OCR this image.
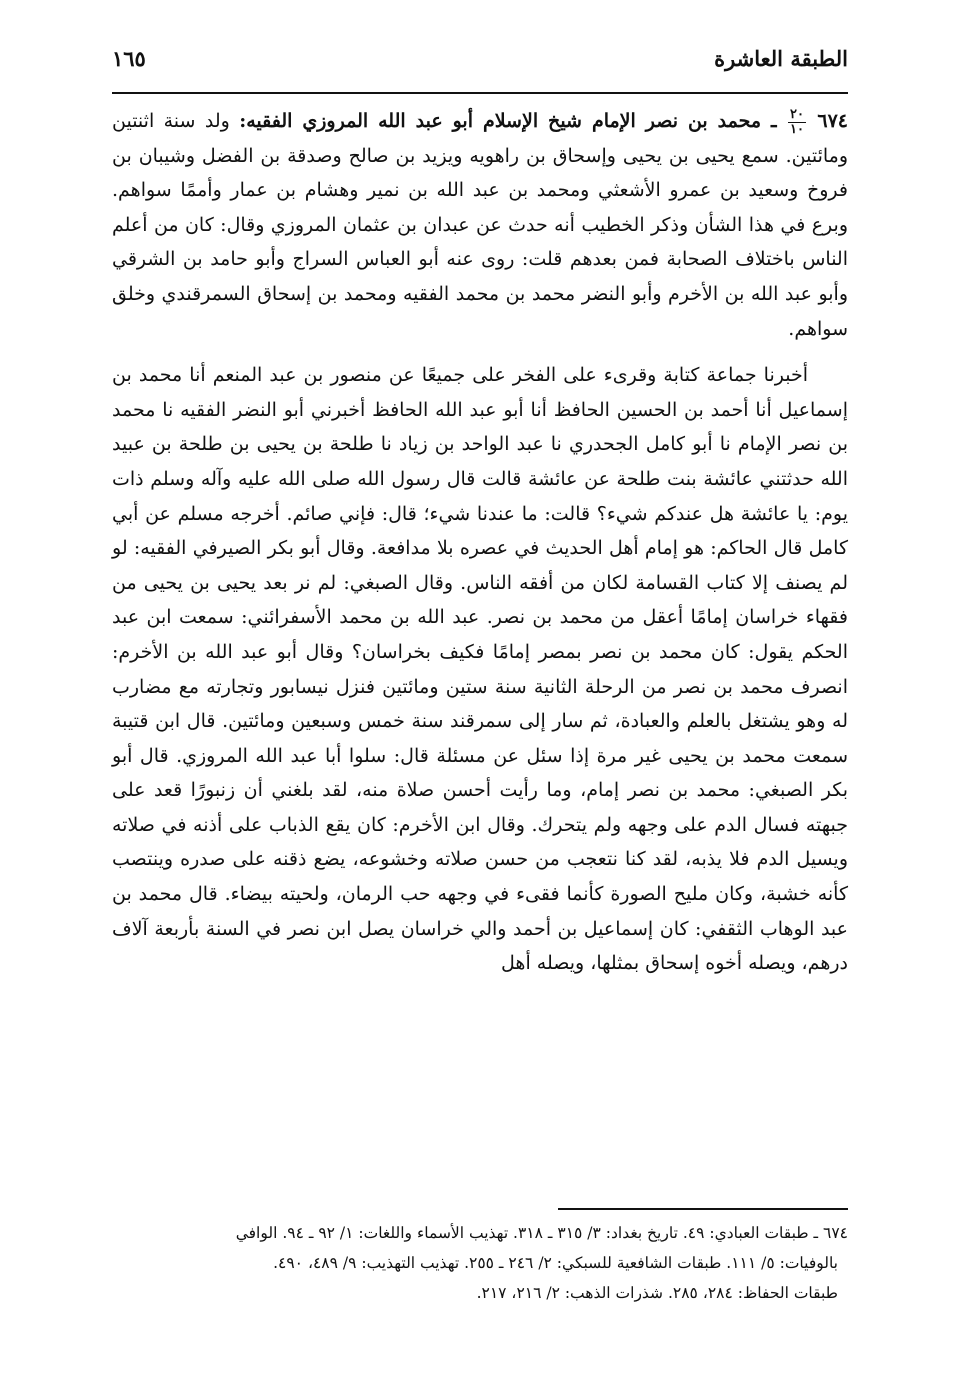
الطبقة العاشرة
١٦٥

٦٧٤
$\frac{٢٠}{١٠}$
ـ محمد بن نصر الإمام شيخ الإسلام أبو عبد الله المروزي الفقيه: ولد سنة اثنتين ومائتين. سمع يحيى بن يحيى وإسحاق بن راهويه ويزيد بن صالح وصدقة بن الفضل وشيبان بن فروخ وسعيد بن عمرو الأشعثي ومحمد بن عبد الله بن نمير وهشام بن عمار وأممًا سواهم. وبرع في هذا الشأن وذكر الخطيب أنه حدث عن عبدان بن عثمان المروزي وقال: كان من أعلم الناس باختلاف الصحابة فمن بعدهم قلت: روى عنه أبو العباس السراج وأبو حامد بن الشرقي وأبو عبد الله بن الأخرم وأبو النضر محمد بن محمد الفقيه ومحمد بن إسحاق السمرقندي وخلق سواهم.

أخبرنا جماعة كتابة وقرىء على الفخر على جميعًا عن منصور بن عبد المنعم أنا محمد بن إسماعيل أنا أحمد بن الحسين الحافظ أنا أبو عبد الله الحافظ أخبرني أبو النضر الفقيه نا محمد بن نصر الإمام نا أبو كامل الجحدري نا عبد الواحد بن زياد نا طلحة بن يحيى بن طلحة بن عبيد الله حدثتني عائشة بنت طلحة عن عائشة قالت قال رسول الله صلى الله عليه وآله وسلم ذات يوم: يا عائشة هل عندكم شيء؟ قالت: ما عندنا شيء؛ قال: فإني صائم. أخرجه مسلم عن أبي كامل قال الحاكم: هو إمام أهل الحديث في عصره بلا مدافعة. وقال أبو بكر الصيرفي الفقيه: لو لم يصنف إلا كتاب القسامة لكان من أفقه الناس. وقال الصبغي: لم نر بعد يحيى بن يحيى من فقهاء خراسان إمامًا أعقل من محمد بن نصر. عبد الله بن محمد الأسفرائني: سمعت ابن عبد الحكم يقول: كان محمد بن نصر بمصر إمامًا فكيف بخراسان؟ وقال أبو عبد الله بن الأخرم: انصرف محمد بن نصر من الرحلة الثانية سنة ستين ومائتين فنزل نيسابور وتجارته مع مضارب له وهو يشتغل بالعلم والعبادة، ثم سار إلى سمرقند سنة خمس وسبعين ومائتين. قال ابن قتيبة سمعت محمد بن يحيى غير مرة إذا سئل عن مسئلة قال: سلوا أبا عبد الله المروزي. قال أبو بكر الصبغي: محمد بن نصر إمام، وما رأيت أحسن صلاة منه، لقد بلغني أن زنبورًا قعد على جبهته فسال الدم على وجهه ولم يتحرك. وقال ابن الأخرم: كان يقع الذباب على أذنه في صلاته ويسيل الدم فلا يذبه، لقد كنا نتعجب من حسن صلاته وخشوعه، يضع ذقنه على صدره وينتصب كأنه خشبة، وكان مليح الصورة كأنما فقىء في وجهه حب الرمان، ولحيته بيضاء. قال محمد بن عبد الوهاب الثقفي: كان إسماعيل بن أحمد والي خراسان يصل ابن نصر في السنة بأربعة آلاف درهم، ويصله أخوه إسحاق بمثلها، ويصله أهل

٦٧٤ ـ طبقات العبادي: ٤٩. تاريخ بغداد: ٣/ ٣١٥ ـ ٣١٨. تهذيب الأسماء واللغات: ١/ ٩٢ ـ ٩٤. الوافي
بالوفيات: ٥/ ١١١. طبقات الشافعية للسبكي: ٢/ ٢٤٦ ـ ٢٥٥. تهذيب التهذيب: ٩/ ٤٨٩، ٤٩٠.
طبقات الحفاظ: ٢٨٤، ٢٨٥. شذرات الذهب: ٢/ ٢١٦، ٢١٧.
